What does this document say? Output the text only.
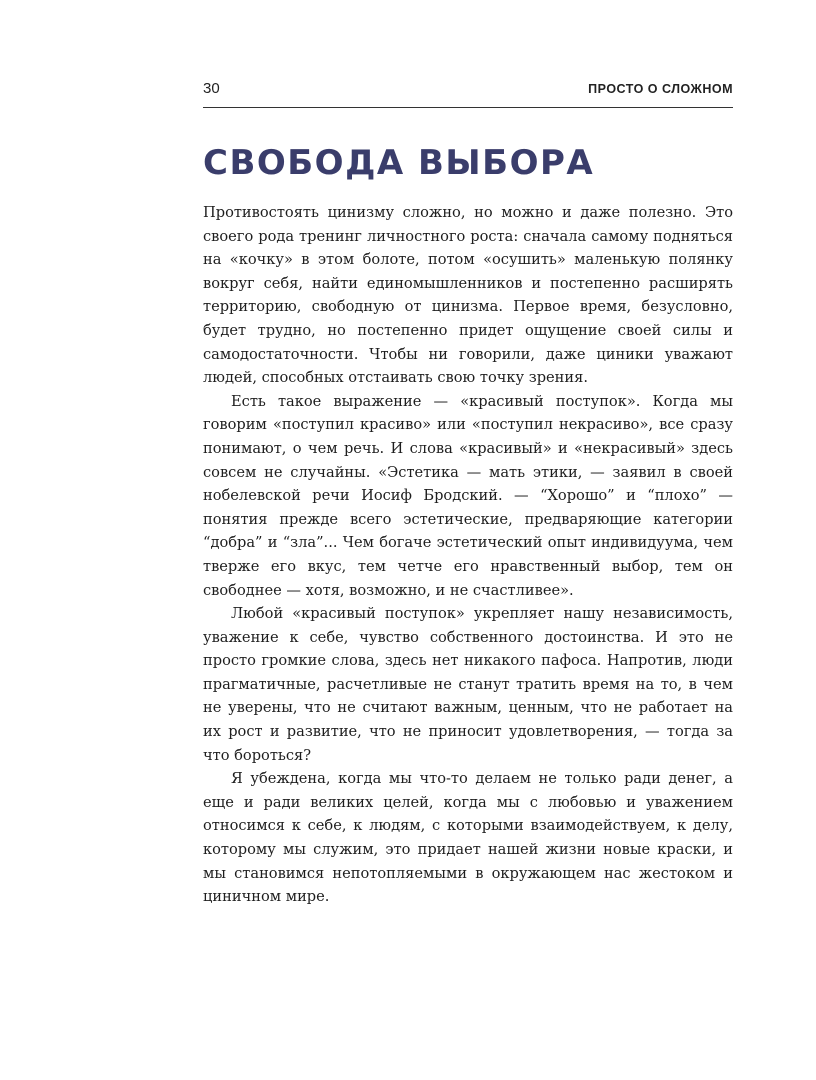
30	ПРОСТО О СЛОЖНОМ
СВОБОДА ВЫБОРА

Противостоять цинизму сложно, но можно и даже полезно. Это своего рода тренинг личностного роста: сначала самому подняться на «кочку» в этом болоте, потом «осушить» маленькую полянку вокруг себя, найти единомышленников и постепенно расширять территорию, свободную от цинизма. Первое время, безусловно, будет трудно, но постепенно придет ощущение своей силы и самодостаточности. Чтобы ни говорили, даже циники уважают людей, способных отстаивать свою точку зрения.

Есть такое выражение — «красивый поступок». Когда мы говорим «поступил красиво» или «поступил некрасиво», все сразу понимают, о чем речь. И слова «красивый» и «некрасивый» здесь совсем не случайны. «Эстетика — мать этики, — заявил в своей нобелевской речи Иосиф Бродский. — “Хорошо” и “плохо” — понятия прежде всего эстетические, предваряющие категории “добра” и “зла”... Чем богаче эстетический опыт индивидуума, чем тверже его вкус, тем четче его нравственный выбор, тем он свободнее — хотя, возможно, и не счастливее».

Любой «красивый поступок» укрепляет нашу независимость, уважение к себе, чувство собственного достоинства. И это не просто громкие слова, здесь нет никакого пафоса. Напротив, люди прагматичные, расчетливые не станут тратить время на то, в чем не уверены, что не считают важным, ценным, что не работает на их рост и развитие, что не приносит удовлетворения, — тогда за что бороться?

Я убеждена, когда мы что-то делаем не только ради денег, а еще и ради великих целей, когда мы с любовью и уважением относимся к себе, к людям, с которыми взаимодействуем, к делу, которому мы служим, это придает нашей жизни новые краски, и мы становимся непотопляемыми в окружающем нас жестоком и циничном мире.
